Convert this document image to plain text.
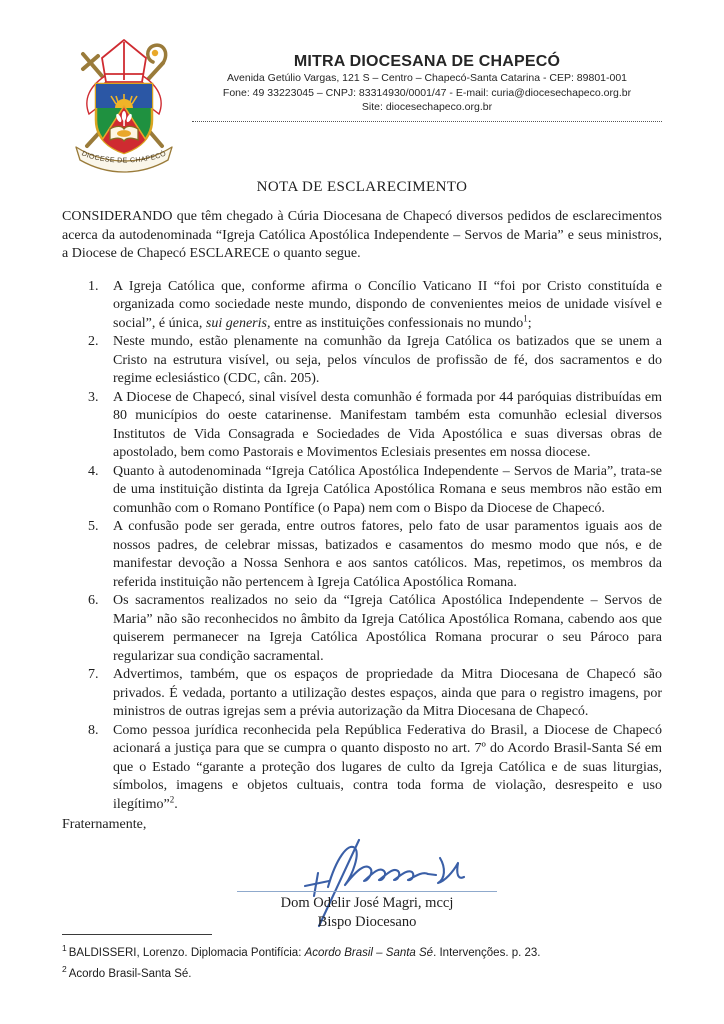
DIOCESE DE CHAPECÓ
MITRA DIOCESANA DE CHAPECÓ
Avenida Getúlio Vargas, 121 S – Centro – Chapecó-Santa Catarina - CEP: 89801-001
Fone: 49 33223045 – CNPJ: 83314930/0001/47 - E-mail: curia@diocesechapeco.org.br
Site: diocesechapeco.org.br
NOTA DE ESCLARECIMENTO

CONSIDERANDO que têm chegado à Cúria Diocesana de Chapecó diversos pedidos de esclarecimentos acerca da autodenominada “Igreja Católica Apostólica Independente – Servos de Maria” e seus ministros, a Diocese de Chapecó ESCLARECE o quanto segue.

1. A Igreja Católica que, conforme afirma o Concílio Vaticano II “foi por Cristo constituída e organizada como sociedade neste mundo, dispondo de convenientes meios de unidade visível e social”, é única, sui generis, entre as instituições confessionais no mundo$^1$;
2. Neste mundo, estão plenamente na comunhão da Igreja Católica os batizados que se unem a Cristo na estrutura visível, ou seja, pelos vínculos de profissão de fé, dos sacramentos e do regime eclesiástico (CDC, cân. 205).
3. A Diocese de Chapecó, sinal visível desta comunhão é formada por 44 paróquias distribuídas em 80 municípios do oeste catarinense. Manifestam também esta comunhão eclesial diversos Institutos de Vida Consagrada e Sociedades de Vida Apostólica e suas diversas obras de apostolado, bem como Pastorais e Movimentos Eclesiais presentes em nossa diocese.
4. Quanto à autodenominada “Igreja Católica Apostólica Independente – Servos de Maria”, trata-se de uma instituição distinta da Igreja Católica Apostólica Romana e seus membros não estão em comunhão com o Romano Pontífice (o Papa) nem com o Bispo da Diocese de Chapecó.
5. A confusão pode ser gerada, entre outros fatores, pelo fato de usar paramentos iguais aos de nossos padres, de celebrar missas, batizados e casamentos do mesmo modo que nós, e de manifestar devoção a Nossa Senhora e aos santos católicos. Mas, repetimos, os membros da referida instituição não pertencem à Igreja Católica Apostólica Romana.
6. Os sacramentos realizados no seio da “Igreja Católica Apostólica Independente – Servos de Maria” não são reconhecidos no âmbito da Igreja Católica Apostólica Romana, cabendo aos que quiserem permanecer na Igreja Católica Apostólica Romana procurar o seu Pároco para regularizar sua condição sacramental.
7. Advertimos, também, que os espaços de propriedade da Mitra Diocesana de Chapecó são privados. É vedada, portanto a utilização destes espaços, ainda que para o registro imagens, por ministros de outras igrejas sem a prévia autorização da Mitra Diocesana de Chapecó.
8. Como pessoa jurídica reconhecida pela República Federativa do Brasil, a Diocese de Chapecó acionará a justiça para que se cumpra o quanto disposto no art. 7º do Acordo Brasil-Santa Sé em que o Estado “garante a proteção dos lugares de culto da Igreja Católica e de suas liturgias, símbolos, imagens e objetos cultuais, contra toda forma de violação, desrespeito e uso ilegítimo”$^2$.
Fraternamente,
Dom Odelir José Magri, mccj
Bispo Diocesano
$^1$ BALDISSERI, Lorenzo. Diplomacia Pontifícia: Acordo Brasil – Santa Sé. Intervenções. p. 23.
$^2$ Acordo Brasil-Santa Sé.
